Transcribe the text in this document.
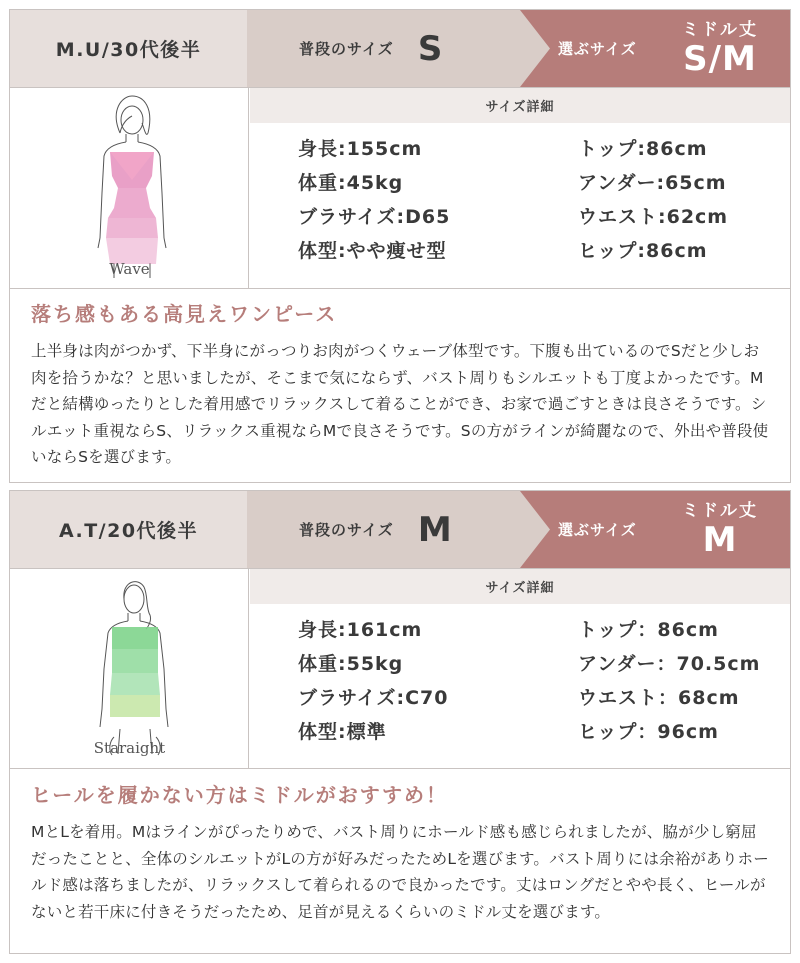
M.U/30代後半	普段のサイズ S	選ぶサイズ
ミドル丈
S/M
Wave
サイズ詳細
身長:155cm	トップ:86cm
体重:45kg	アンダー:65cm
ブラサイズ:D65	ウエスト:62cm
体型:やや痩せ型	ヒップ:86cm
落ち感もある高見えワンピース
上半身は肉がつかず、下半身にがっつりお肉がつくウェーブ体型です。下腹も出ているのでSだと少しお肉を拾うかな？と思いましたが、そこまで気にならず、バスト周りもシルエットも丁度よかったです。Mだと結構ゆったりとした着用感でリラックスして着ることができ、お家で過ごすときは良さそうです。シルエット重視ならS、リラックス重視ならMで良さそうです。Sの方がラインが綺麗なので、外出や普段使いならSを選びます。
A.T/20代後半	普段のサイズ M	選ぶサイズ
ミドル丈
M
Staraight
サイズ詳細
身長:161cm	トップ：86cm
体重:55kg	アンダー：70.5cm
ブラサイズ:C70	ウエスト：68cm
体型:標準	ヒップ：96cm
ヒールを履かない方はミドルがおすすめ！
MとLを着用。Mはラインがぴったりめで、バスト周りにホールド感も感じられましたが、脇が少し窮屈だったことと、全体のシルエットがLの方が好みだったためLを選びます。バスト周りには余裕がありホールド感は落ちましたが、リラックスして着られるので良かったです。丈はロングだとやや長く、ヒールがないと若干床に付きそうだったため、足首が見えるくらいのミドル丈を選びます。
